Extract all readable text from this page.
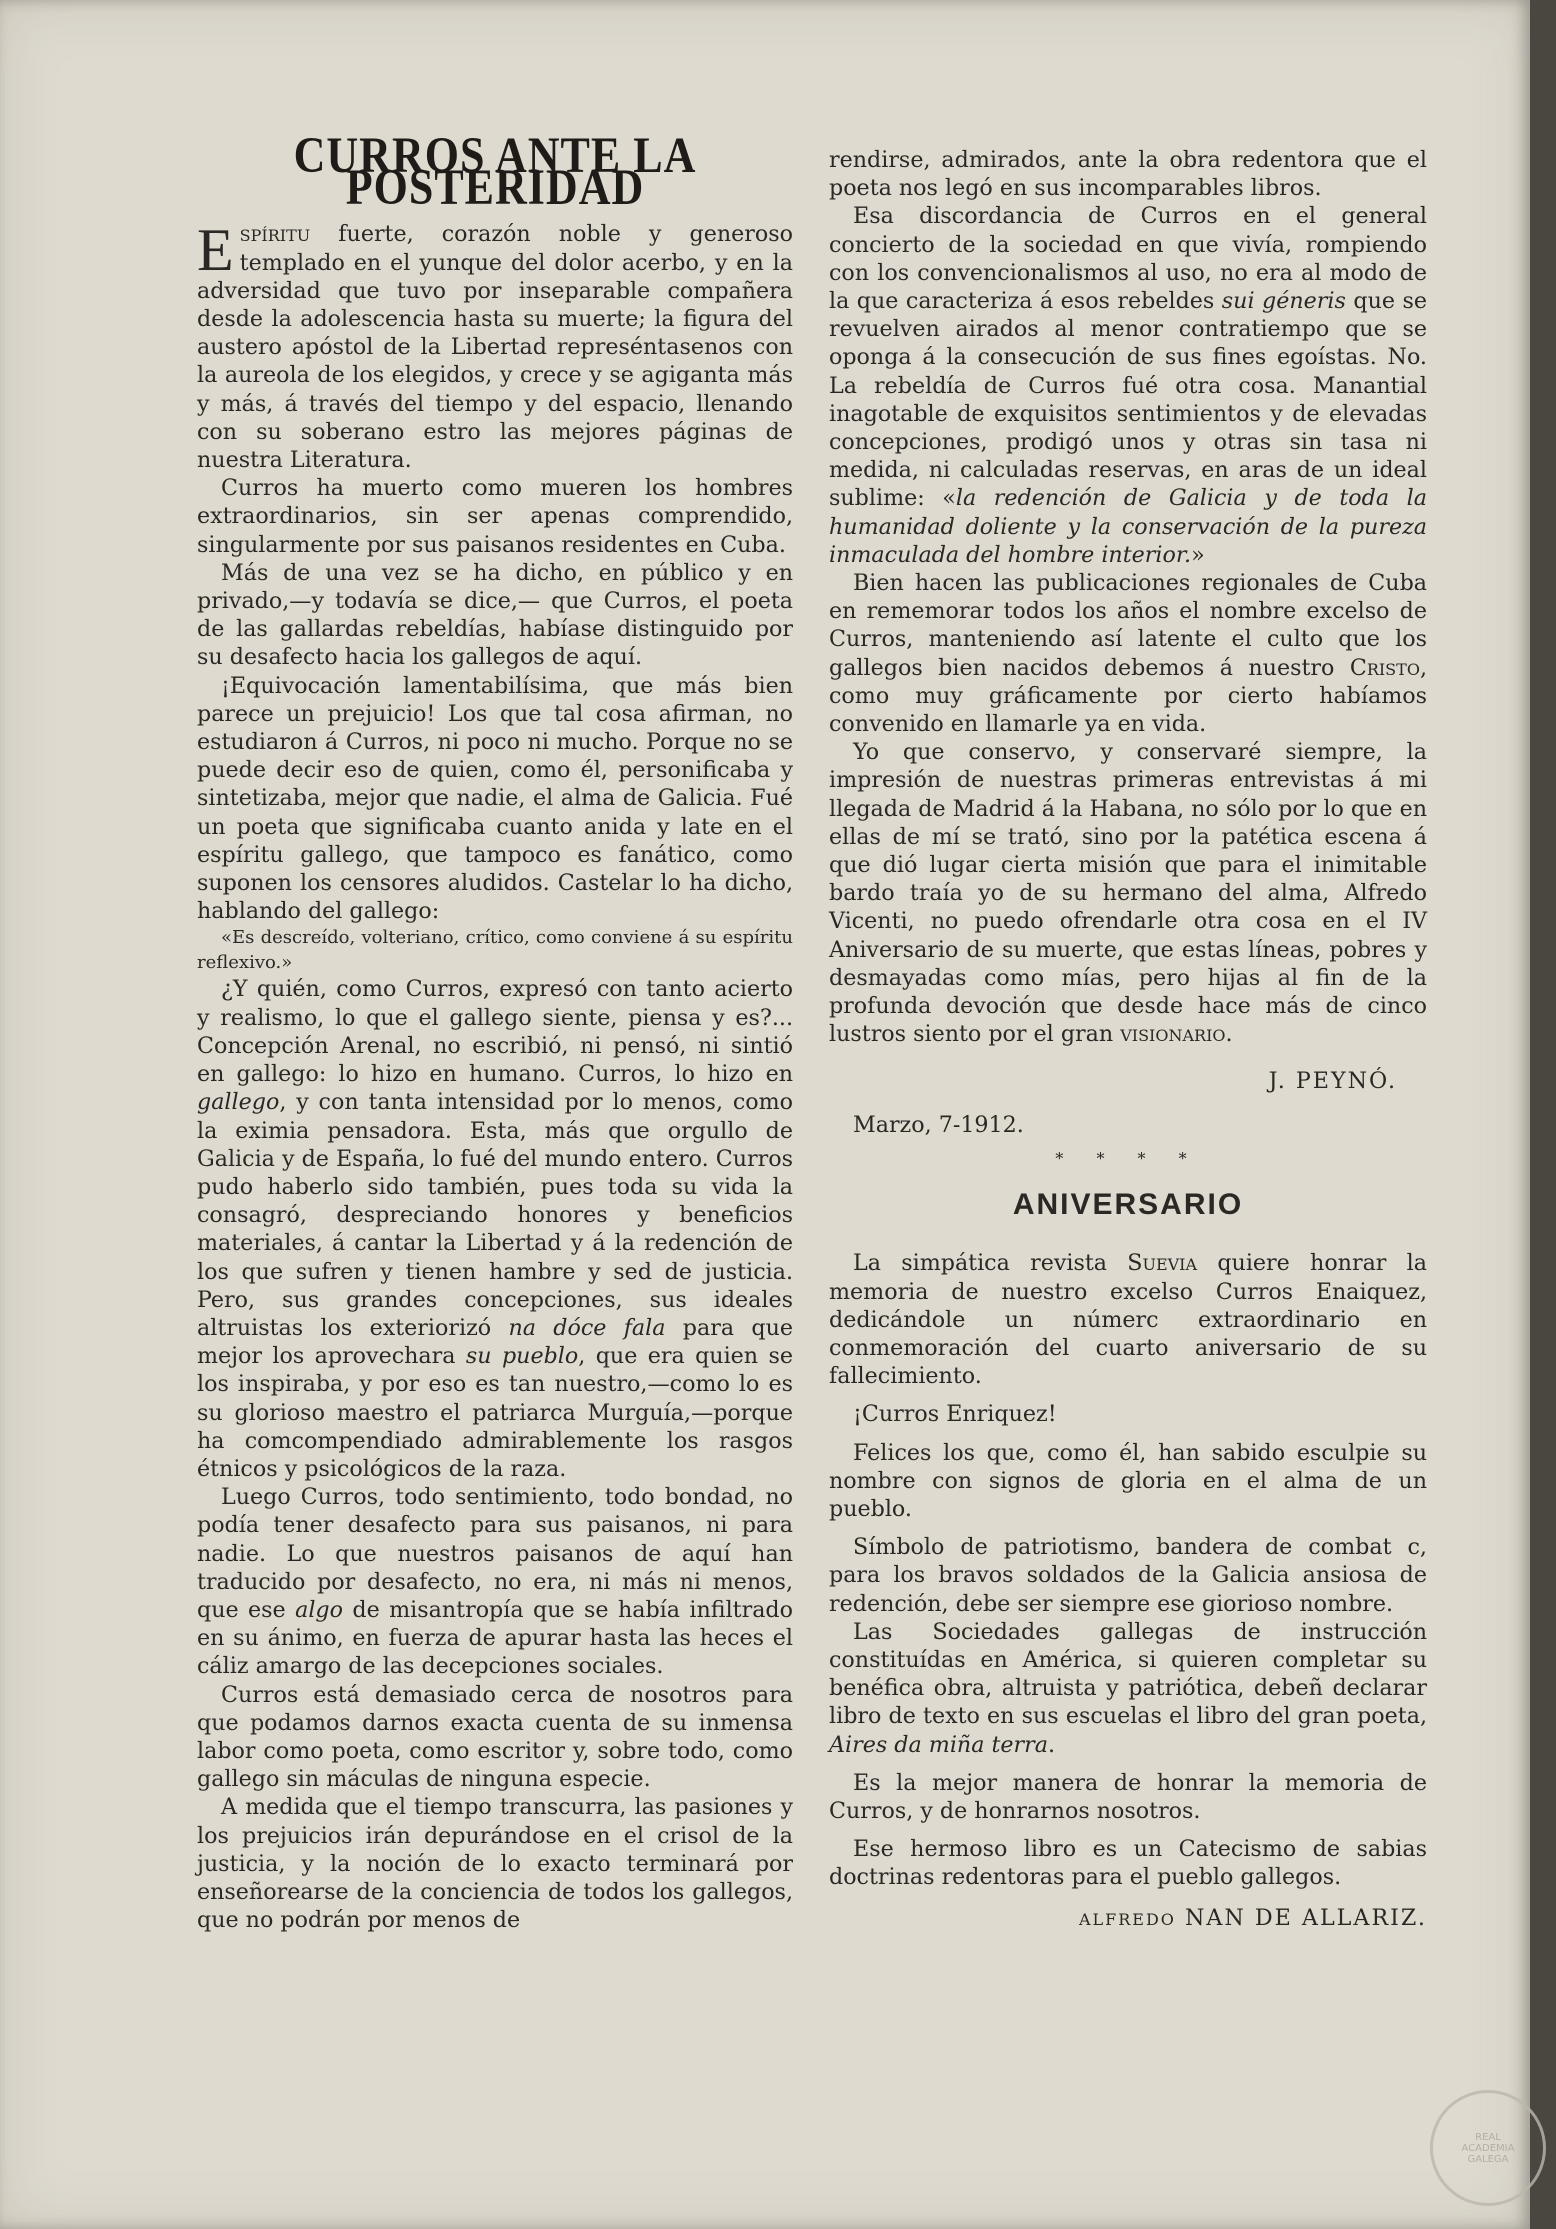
CURROS ANTE LA POSTERIDAD

Espíritu fuerte, corazón noble y generoso templado en el yunque del dolor acerbo, y en la adversidad que tuvo por inseparable compañera desde la adolescencia hasta su muerte; la figura del austero apóstol de la Libertad represéntasenos con la aureola de los elegidos, y crece y se agiganta más y más, á través del tiempo y del espacio, llenando con su soberano estro las mejores páginas de nuestra Literatura.

Curros ha muerto como mueren los hombres extraordinarios, sin ser apenas comprendido, singularmente por sus paisanos residentes en Cuba.

Más de una vez se ha dicho, en público y en privado,—y todavía se dice,— que Curros, el poeta de las gallardas rebeldías, habíase distinguido por su desafecto hacia los gallegos de aquí.

¡Equivocación lamentabilísima, que más bien parece un prejuicio! Los que tal cosa afirman, no estudiaron á Curros, ni poco ni mucho. Porque no se puede decir eso de quien, como él, personificaba y sintetizaba, mejor que nadie, el alma de Galicia. Fué un poeta que significaba cuanto anida y late en el espíritu gallego, que tampoco es fanático, como suponen los censores aludidos. Castelar lo ha dicho, hablando del gallego:

«Es descreído, volteriano, crítico, como conviene á su espíritu reflexivo.»

¿Y quién, como Curros, expresó con tanto acierto y realismo, lo que el gallego siente, piensa y es?... Concepción Arenal, no escribió, ni pensó, ni sintió en gallego: lo hizo en humano. Curros, lo hizo en gallego, y con tanta intensidad por lo menos, como la eximia pensadora. Esta, más que orgullo de Galicia y de España, lo fué del mundo entero. Curros pudo haberlo sido también, pues toda su vida la consagró, despreciando honores y beneficios materiales, á cantar la Libertad y á la redención de los que sufren y tienen hambre y sed de justicia. Pero, sus grandes concepciones, sus ideales altruistas los exteriorizó na dóce fala para que mejor los aprovechara su pueblo, que era quien se los inspiraba, y por eso es tan nuestro,—como lo es su glorioso maestro el patriarca Murguía,—porque ha comcompendiado admirablemente los rasgos étnicos y psicológicos de la raza.

Luego Curros, todo sentimiento, todo bondad, no podía tener desafecto para sus paisanos, ni para nadie. Lo que nuestros paisanos de aquí han traducido por desafecto, no era, ni más ni menos, que ese algo de misantropía que se había infiltrado en su ánimo, en fuerza de apurar hasta las heces el cáliz amargo de las decepciones sociales.

Curros está demasiado cerca de nosotros para que podamos darnos exacta cuenta de su inmensa labor como poeta, como escritor y, sobre todo, como gallego sin máculas de ninguna especie.

A medida que el tiempo transcurra, las pasiones y los prejuicios irán depurándose en el crisol de la justicia, y la noción de lo exacto terminará por enseñorearse de la conciencia de todos los gallegos, que no podrán por menos de

rendirse, admirados, ante la obra redentora que el poeta nos legó en sus incomparables libros.

Esa discordancia de Curros en el general concierto de la sociedad en que vivía, rompiendo con los convencionalismos al uso, no era al modo de la que caracteriza á esos rebeldes sui géneris que se revuelven airados al menor contratiempo que se oponga á la consecución de sus fines egoístas. No. La rebeldía de Curros fué otra cosa. Manantial inagotable de exquisitos sentimientos y de elevadas concepciones, prodigó unos y otras sin tasa ni medida, ni calculadas reservas, en aras de un ideal sublime: «la redención de Galicia y de toda la humanidad doliente y la conservación de la pureza inmaculada del hombre interior.»

Bien hacen las publicaciones regionales de Cuba en rememorar todos los años el nombre excelso de Curros, manteniendo así latente el culto que los gallegos bien nacidos debemos á nuestro Cristo, como muy gráficamente por cierto habíamos convenido en llamarle ya en vida.

Yo que conservo, y conservaré siempre, la impresión de nuestras primeras entrevistas á mi llegada de Madrid á la Habana, no sólo por lo que en ellas de mí se trató, sino por la patética escena á que dió lugar cierta misión que para el inimitable bardo traía yo de su hermano del alma, Alfredo Vicenti, no puedo ofrendarle otra cosa en el IV Aniversario de su muerte, que estas líneas, pobres y desmayadas como mías, pero hijas al fin de la profunda devoción que desde hace más de cinco lustros siento por el gran visionario.

J. PEYNÓ.

Marzo, 7-1912.

* * * *
ANIVERSARIO

La simpática revista Suevia quiere honrar la memoria de nuestro excelso Curros Enaiquez, dedicándole un númerc extraordinario en conmemoración del cuarto aniversario de su fallecimiento.

¡Curros Enriquez!

Felices los que, como él, han sabido esculpie su nombre con signos de gloria en el alma de un pueblo.

Símbolo de patriotismo, bandera de combat c, para los bravos soldados de la Galicia ansiosa de redención, debe ser siempre ese giorioso nombre.

Las Sociedades gallegas de instrucción constituídas en América, si quieren completar su benéfica obra, altruista y patriótica, debeñ declarar libro de texto en sus escuelas el libro del gran poeta, Aires da miña terra.

Es la mejor manera de honrar la memoria de Curros, y de honrarnos nosotros.

Ese hermoso libro es un Catecismo de sabias doctrinas redentoras para el pueblo gallegos.

alfredo NAN DE ALLARIZ.
REAL ACADEMIA GALEGA
